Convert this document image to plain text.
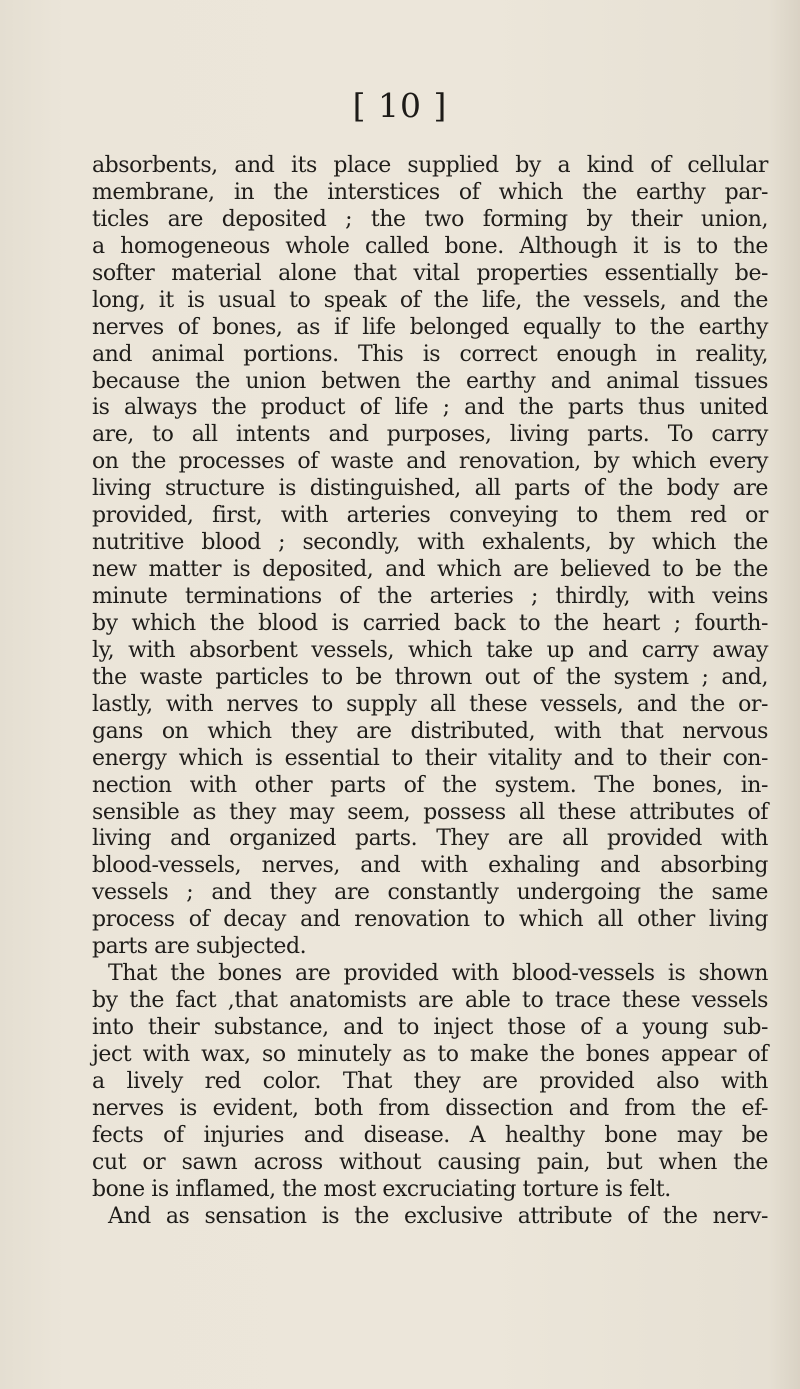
[ 10 ]
absorbents, and its place supplied by a kind of cellular
membrane, in the interstices of which the earthy par-
ticles are deposited ; the two forming by their union,
a homogeneous whole called bone. Although it is to the
softer material alone that vital properties essentially be-
long, it is usual to speak of the life, the vessels, and the
nerves of bones, as if life belonged equally to the earthy
and animal portions. This is correct enough in reality,
because the union betwen the earthy and animal tissues
is always the product of life ; and the parts thus united
are, to all intents and purposes, living parts. To carry
on the processes of waste and renovation, by which every
living structure is distinguished, all parts of the body are
provided, first, with arteries conveying to them red or
nutritive blood ; secondly, with exhalents, by which the
new matter is deposited, and which are believed to be the
minute terminations of the arteries ; thirdly, with veins
by which the blood is carried back to the heart ; fourth-
ly, with absorbent vessels, which take up and carry away
the waste particles to be thrown out of the system ; and,
lastly, with nerves to supply all these vessels, and the or-
gans on which they are distributed, with that nervous
energy which is essential to their vitality and to their con-
nection with other parts of the system. The bones, in-
sensible as they may seem, possess all these attributes of
living and organized parts. They are all provided with
blood-vessels, nerves, and with exhaling and absorbing
vessels ; and they are constantly undergoing the same
process of decay and renovation to which all other living
parts are subjected.
That the bones are provided with blood-vessels is shown
by the fact ,that anatomists are able to trace these vessels
into their substance, and to inject those of a young sub-
ject with wax, so minutely as to make the bones appear of
a lively red color. That they are provided also with
nerves is evident, both from dissection and from the ef-
fects of injuries and disease. A healthy bone may be
cut or sawn across without causing pain, but when the
bone is inflamed, the most excruciating torture is felt.
And as sensation is the exclusive attribute of the nerv-
